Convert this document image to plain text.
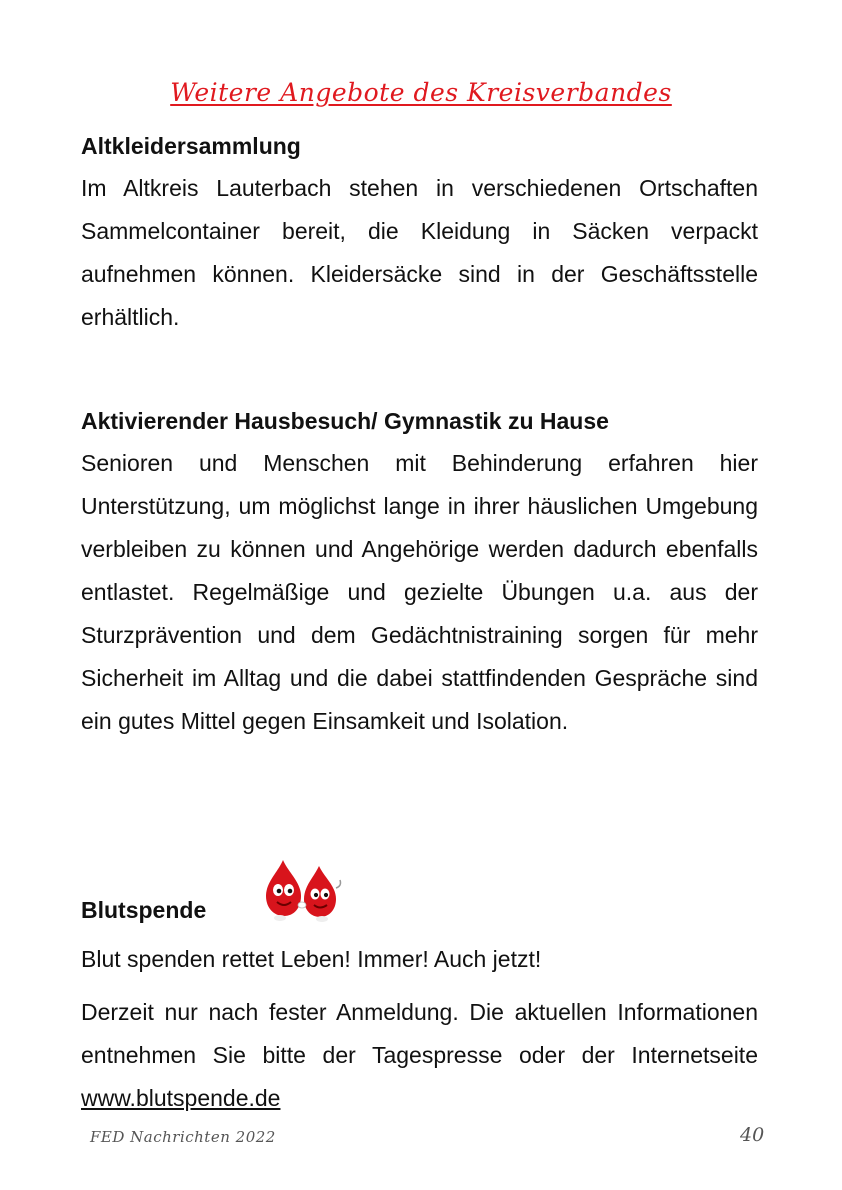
Weitere Angebote des Kreisverbandes
Altkleidersammlung

Im Altkreis Lauterbach stehen in verschiedenen Ortschaften Sammelcontainer bereit, die Kleidung in Säcken verpackt aufnehmen können. Kleidersäcke sind in der Geschäftsstelle erhältlich.

Aktivierender Hausbesuch/ Gymnastik zu Hause

Senioren und Menschen mit Behinderung erfahren hier Unterstützung, um möglichst lange in ihrer häuslichen Umgebung verbleiben zu können und Angehörige werden dadurch ebenfalls entlastet. Regelmäßige und gezielte Übungen u.a. aus der Sturzprävention und dem Gedächtnistraining sorgen für mehr Sicherheit im Alltag und die dabei stattfindenden Gespräche sind ein gutes Mittel gegen Einsamkeit und Isolation.

Blutspende

Blut spenden rettet Leben! Immer! Auch jetzt!

Derzeit nur nach fester Anmeldung. Die aktuellen Informationen entnehmen Sie bitte der Tagespresse oder der Internetseite www.blutspende.de

FED Nachrichten 2022	40
